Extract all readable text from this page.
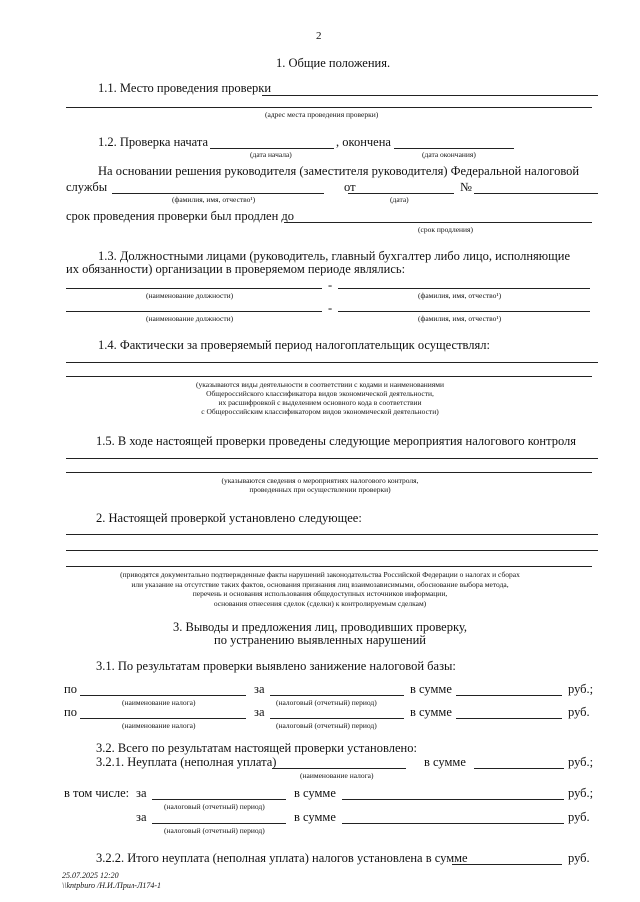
2
1. Общие положения.
1.1. Место проведения проверки
(адрес места проведения проверки)
1.2. Проверка начата	, окончена
(дата начала)	(дата окончания)
На основании решения руководителя (заместителя руководителя) Федеральной налоговой
службы	от	№
(фамилия, имя, отчество¹)	(дата)
срок проведения проверки был продлен до
(срок продления)
1.3. Должностными лицами (руководитель, главный бухгалтер либо лицо, исполняющие
их обязанности) организации в проверяемом периоде являлись:
-
(наименование должности)	(фамилия, имя, отчество¹)
-
(наименование должности)	(фамилия, имя, отчество¹)
1.4. Фактически за проверяемый период налогоплательщик осуществлял:
(указываются виды деятельности в соответствии с кодами и наименованиями
Общероссийского классификатора видов экономической деятельности,
их расшифровкой с выделением основного кода в соответствии
с Общероссийским классификатором видов экономической деятельности)
1.5. В ходе настоящей проверки проведены следующие мероприятия налогового контроля
(указываются сведения о мероприятиях налогового контроля,
проведенных при осуществлении проверки)
2. Настоящей проверкой установлено следующее:
(приводятся документально подтвержденные факты нарушений законодательства Российской Федерации о налогах и сборах
или указание на отсутствие таких фактов, основания признания лиц взаимозависимыми, обоснование выбора метода,
перечень и основания использования общедоступных источников информации,
основания отнесения сделок (сделки) к контролируемым сделкам)
3. Выводы и предложения лиц, проводивших проверку,
по устранению выявленных нарушений
3.1. По результатам проверки выявлено занижение налоговой базы:
по	за	в сумме	руб.;
(наименование налога)	(налоговый (отчетный) период)
по	за	в сумме	руб.
(наименование налога)	(налоговый (отчетный) период)
3.2. Всего по результатам настоящей проверки установлено:
3.2.1. Неуплата (неполная уплата)	в сумме	руб.;
(наименование налога)
в том числе: за	в сумме	руб.;
(налоговый (отчетный) период)
за	в сумме	руб.
(налоговый (отчетный) период)
3.2.2. Итого неуплата (неполная уплата) налогов установлена в сумме	руб.
25.07.2025 12:20
\\kntpburo /Н.И./Прил-Л174-1
